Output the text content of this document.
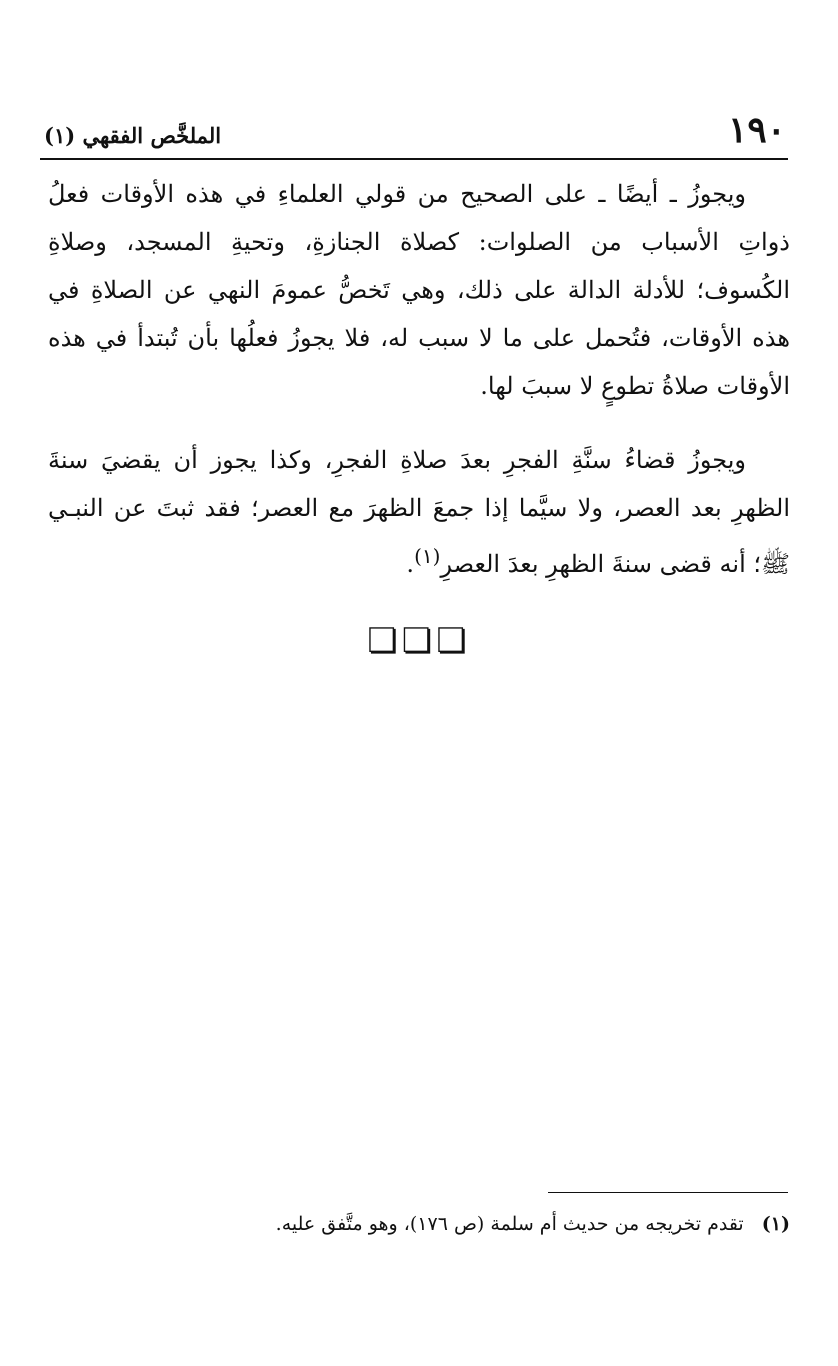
١٩٠
الملخَّص الفقهي (١)

ويجوزُ ـ أيضًا ـ على الصحيح من قولي العلماءِ في هذه الأوقات فعلُ ذواتِ الأسباب من الصلوات: كصلاة الجنازةِ، وتحيةِ المسجد، وصلاةِ الكُسوف؛ للأدلة الدالة على ذلك، وهي تَخصُّ عمومَ النهي عن الصلاةِ في هذه الأوقات، فتُحمل على ما لا سبب له، فلا يجوزُ فعلُها بأن تُبتدأ في هذه الأوقات صلاةُ تطوعٍ لا سببَ لها.

ويجوزُ قضاءُ سنَّةِ الفجرِ بعدَ صلاةِ الفجرِ، وكذا يجوز أن يقضيَ سنةَ الظهرِ بعد العصر، ولا سيَّما إذا جمعَ الظهرَ مع العصر؛ فقد ثبتَ عن النبـي ﷺ؛ أنه قضى سنةَ الظهرِ بعدَ العصرِ$^{(١)}$.

❏❏❏
(١) تقدم تخريجه من حديث أم سلمة (ص ١٧٦)، وهو متَّفق عليه.
